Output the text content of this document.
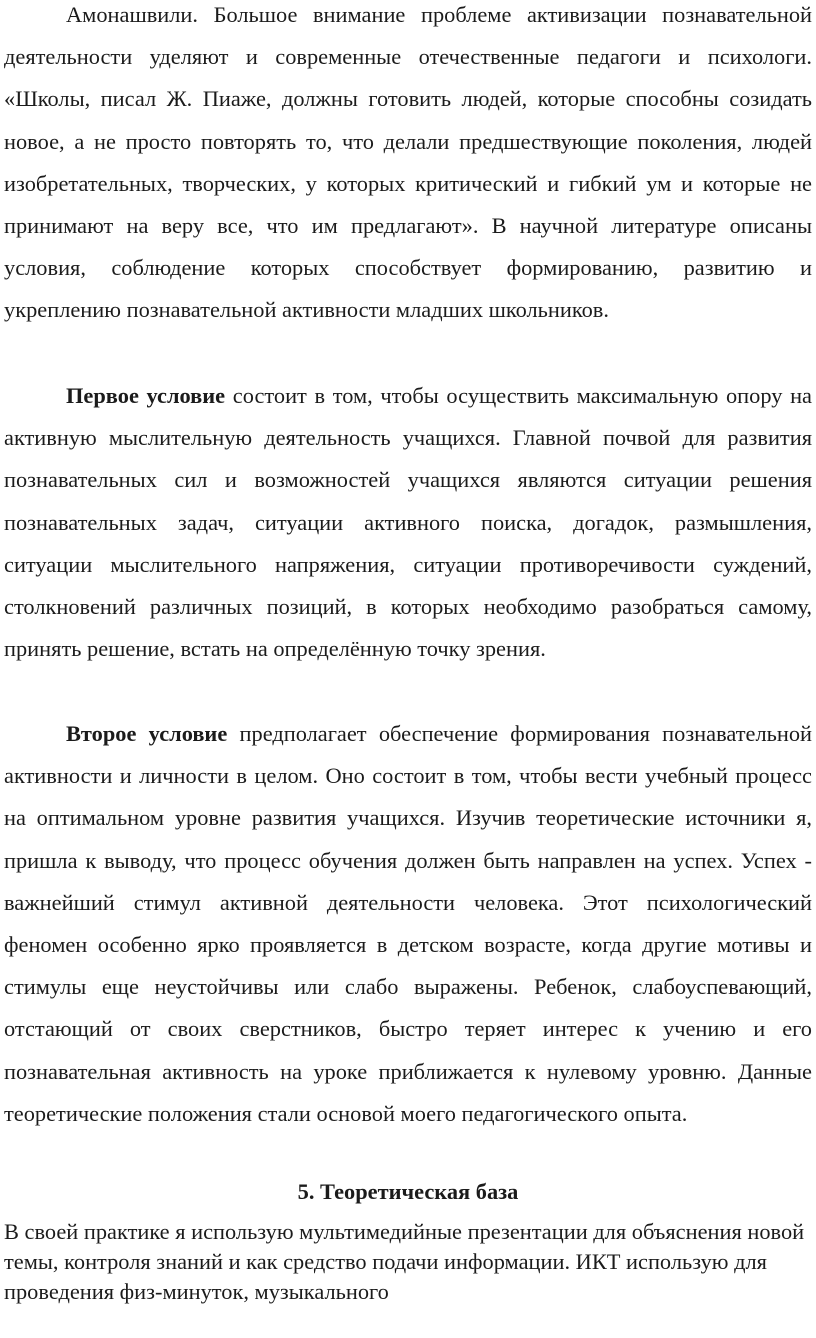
Амонашвили. Большое внимание проблеме активизации познавательной деятельности уделяют и современные отечественные педагоги и психологи. «Школы, писал Ж. Пиаже, должны готовить людей, которые способны созидать новое, а не просто повторять то, что делали предшествующие поколения, людей изобретательных, творческих, у которых критический и гибкий ум и которые не принимают на веру все, что им предлагают». В научной литературе описаны условия, соблюдение которых способствует формированию, развитию и укреплению познавательной активности младших школьников.

Первое условие состоит в том, чтобы осуществить максимальную опору на активную мыслительную деятельность учащихся. Главной почвой для развития познавательных сил и возможностей учащихся являются ситуации решения познавательных задач, ситуации активного поиска, догадок, размышления, ситуации мыслительного напряжения, ситуации противоречивости суждений, столкновений различных позиций, в которых необходимо разобраться самому, принять решение, встать на определённую точку зрения.

Второе условие предполагает обеспечение формирования познавательной активности и личности в целом. Оно состоит в том, чтобы вести учебный процесс на оптимальном уровне развития учащихся. Изучив теоретические источники я, пришла к выводу, что процесс обучения должен быть направлен на успех. Успех - важнейший стимул активной деятельности человека. Этот психологический феномен особенно ярко проявляется в детском возрасте, когда другие мотивы и стимулы еще неустойчивы или слабо выражены. Ребенок, слабоуспевающий, отстающий от своих сверстников, быстро теряет интерес к учению и его познавательная активность на уроке приближается к нулевому уровню. Данные теоретические положения стали основой моего педагогического опыта.

5. Теоретическая база

В своей практике я использую мультимедийные презентации для объяснения новой темы, контроля знаний и как средство подачи информации. ИКТ использую для проведения физ-минуток, музыкального
